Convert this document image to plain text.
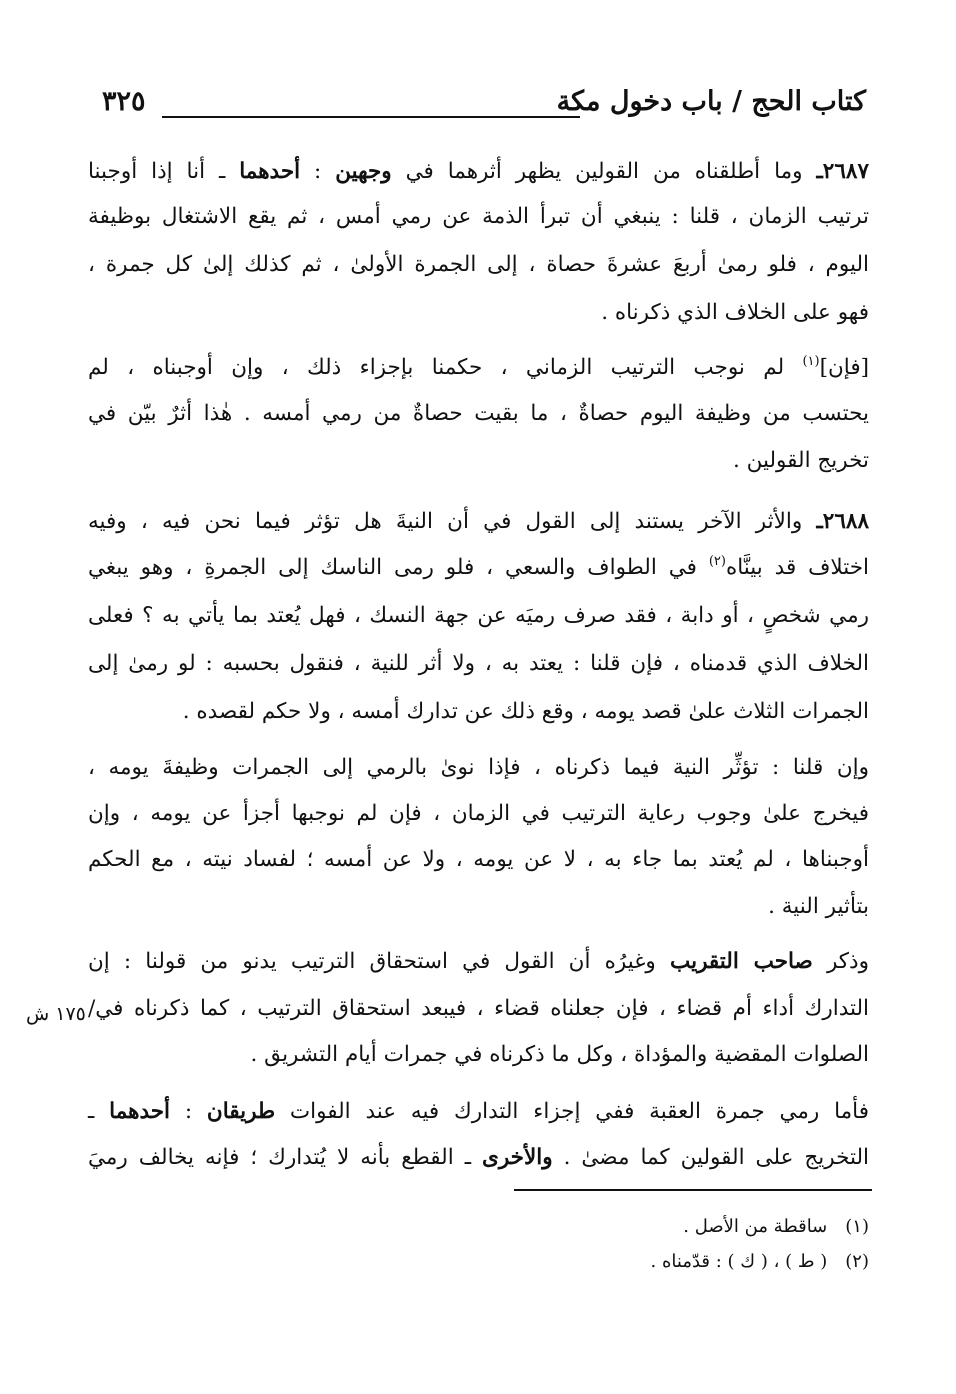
كتاب الحج / باب دخول مكة
٣٢٥
٢٦٨٧ـ وما أطلقناه من القولين يظهر أثرهما في وجهين : أحدهما ـ أنا إذا أوجبنا
ترتيب الزمان ، قلنا : ينبغي أن تبرأ الذمة عن رمي أمس ، ثم يقع الاشتغال بوظيفة
اليوم ، فلو رمىٰ أربعَ عشرةَ حصاة ، إلى الجمرة الأولىٰ ، ثم كذلك إلىٰ كل جمرة ،
فهو على الخلاف الذي ذكرناه .
[فإن]$^{(١)}$ لم نوجب الترتيب الزماني ، حكمنا بإجزاء ذلك ، وإن أوجبناه ، لم
يحتسب من وظيفة اليوم حصاةٌ ، ما بقيت حصاةٌ من رمي أمسه . هٰذا أثرٌ بيّن في
تخريج القولين .
٢٦٨٨ـ والأثر الآخر يستند إلى القول في أن النيةَ هل تؤثر فيما نحن فيه ، وفيه
اختلاف قد بينَّاه$^{(٢)}$ في الطواف والسعي ، فلو رمى الناسك إلى الجمرةِ ، وهو يبغي
رمي شخصٍ ، أو دابة ، فقد صرف رميَه عن جهة النسك ، فهل يُعتد بما يأتي به ؟ فعلى
الخلاف الذي قدمناه ، فإن قلنا : يعتد به ، ولا أثر للنية ، فنقول بحسبه : لو رمىٰ إلى
الجمرات الثلاث علىٰ قصد يومه ، وقع ذلك عن تدارك أمسه ، ولا حكم لقصده .
وإن قلنا : تؤثِّر النية فيما ذكرناه ، فإذا نوىٰ بالرمي إلى الجمرات وظيفةَ يومه ،
فيخرج علىٰ وجوب رعاية الترتيب في الزمان ، فإن لم نوجبها أجزأ عن يومه ، وإن
أوجبناها ، لم يُعتد بما جاء به ، لا عن يومه ، ولا عن أمسه ؛ لفساد نيته ، مع الحكم
بتأثير النية .
وذكر صاحب التقريب وغيرُه أن القول في استحقاق الترتيب يدنو من قولنا : إن
التدارك أداء أم قضاء ، فإن جعلناه قضاء ، فيبعد استحقاق الترتيب ، كما ذكرناه في/
الصلوات المقضية والمؤداة ، وكل ما ذكرناه في جمرات أيام التشريق .
فأما رمي جمرة العقبة ففي إجزاء التدارك فيه عند الفوات طريقان : أحدهما ـ
التخريج على القولين كما مضىٰ . والأخرى ـ القطع بأنه لا يُتدارك ؛ فإنه يخالف رميَ
١٧٥ ش
(١) ساقطة من الأصل .
(٢) ( ط ) ، ( ك ) : قدّمناه .
